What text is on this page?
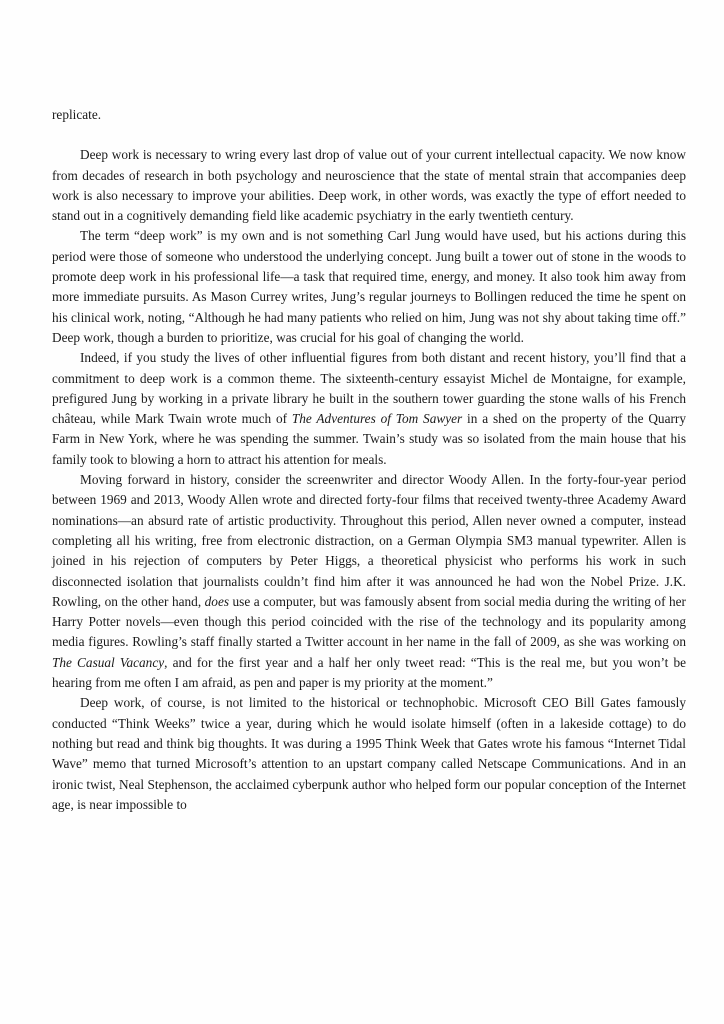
replicate.

Deep work is necessary to wring every last drop of value out of your current intellectual capacity. We now know from decades of research in both psychology and neuroscience that the state of mental strain that accompanies deep work is also necessary to improve your abilities. Deep work, in other words, was exactly the type of effort needed to stand out in a cognitively demanding field like academic psychiatry in the early twentieth century.

The term “deep work” is my own and is not something Carl Jung would have used, but his actions during this period were those of someone who understood the underlying concept. Jung built a tower out of stone in the woods to promote deep work in his professional life—a task that required time, energy, and money. It also took him away from more immediate pursuits. As Mason Currey writes, Jung’s regular journeys to Bollingen reduced the time he spent on his clinical work, noting, “Although he had many patients who relied on him, Jung was not shy about taking time off.” Deep work, though a burden to prioritize, was crucial for his goal of changing the world.

Indeed, if you study the lives of other influential figures from both distant and recent history, you’ll find that a commitment to deep work is a common theme. The sixteenth-century essayist Michel de Montaigne, for example, prefigured Jung by working in a private library he built in the southern tower guarding the stone walls of his French château, while Mark Twain wrote much of The Adventures of Tom Sawyer in a shed on the property of the Quarry Farm in New York, where he was spending the summer. Twain’s study was so isolated from the main house that his family took to blowing a horn to attract his attention for meals.

Moving forward in history, consider the screenwriter and director Woody Allen. In the forty-four-year period between 1969 and 2013, Woody Allen wrote and directed forty-four films that received twenty-three Academy Award nominations—an absurd rate of artistic productivity. Throughout this period, Allen never owned a computer, instead completing all his writing, free from electronic distraction, on a German Olympia SM3 manual typewriter. Allen is joined in his rejection of computers by Peter Higgs, a theoretical physicist who performs his work in such disconnected isolation that journalists couldn’t find him after it was announced he had won the Nobel Prize. J.K. Rowling, on the other hand, does use a computer, but was famously absent from social media during the writing of her Harry Potter novels—even though this period coincided with the rise of the technology and its popularity among media figures. Rowling’s staff finally started a Twitter account in her name in the fall of 2009, as she was working on The Casual Vacancy, and for the first year and a half her only tweet read: “This is the real me, but you won’t be hearing from me often I am afraid, as pen and paper is my priority at the moment.”

Deep work, of course, is not limited to the historical or technophobic. Microsoft CEO Bill Gates famously conducted “Think Weeks” twice a year, during which he would isolate himself (often in a lakeside cottage) to do nothing but read and think big thoughts. It was during a 1995 Think Week that Gates wrote his famous “Internet Tidal Wave” memo that turned Microsoft’s attention to an upstart company called Netscape Communications. And in an ironic twist, Neal Stephenson, the acclaimed cyberpunk author who helped form our popular conception of the Internet age, is near impossible to
